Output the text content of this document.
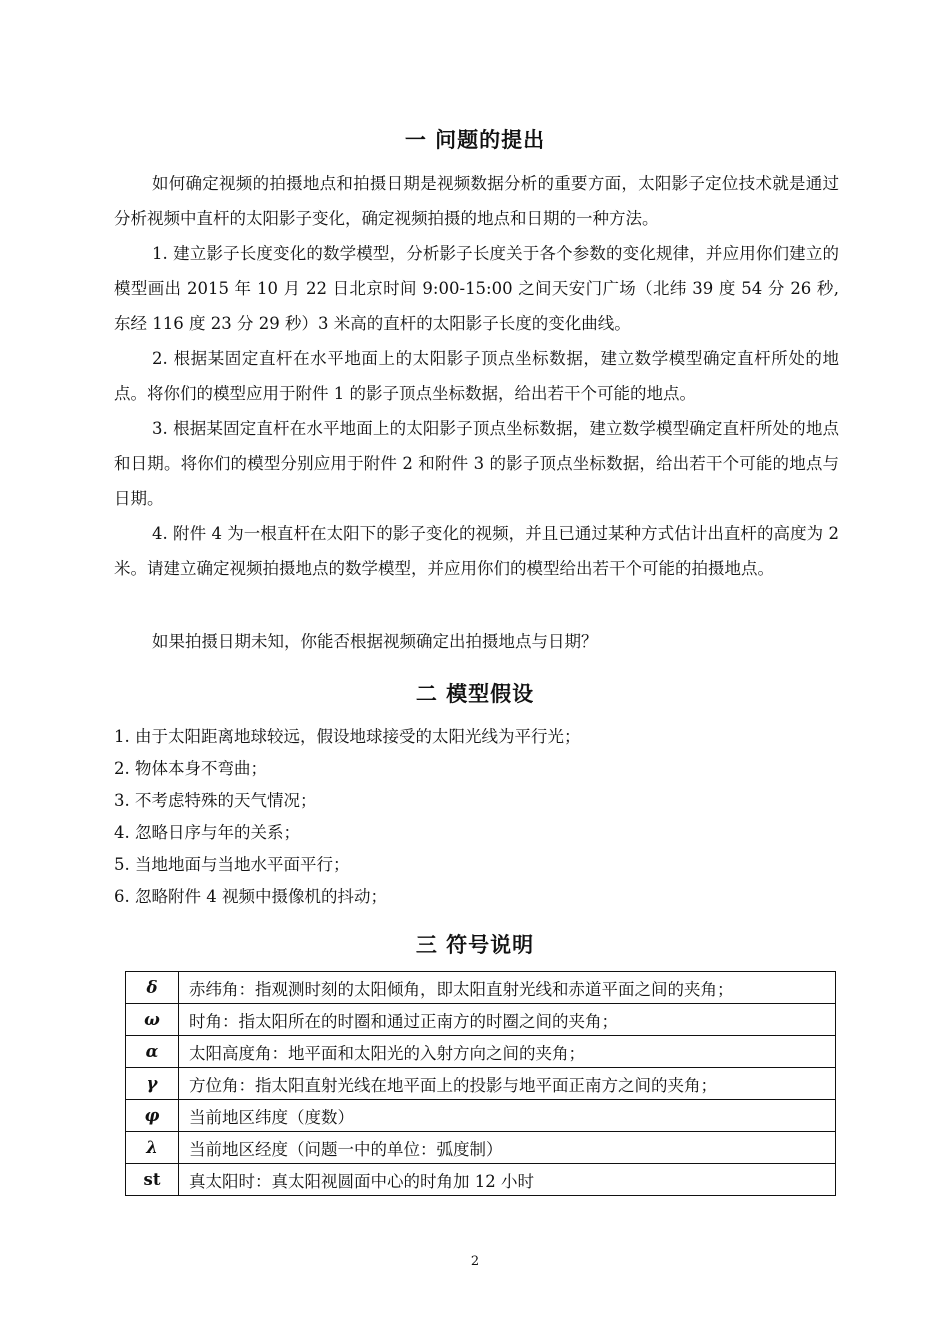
一 问题的提出
如何确定视频的拍摄地点和拍摄日期是视频数据分析的重要方面，太阳影子定位技术就是通过分析视频中直杆的太阳影子变化，确定视频拍摄的地点和日期的一种方法。
1. 建立影子长度变化的数学模型，分析影子长度关于各个参数的变化规律，并应用你们建立的模型画出 2015 年 10 月 22 日北京时间 9:00-15:00 之间天安门广场（北纬 39 度 54 分 26 秒, 东经 116 度 23 分 29 秒）3 米高的直杆的太阳影子长度的变化曲线。
2. 根据某固定直杆在水平地面上的太阳影子顶点坐标数据，建立数学模型确定直杆所处的地点。将你们的模型应用于附件 1 的影子顶点坐标数据，给出若干个可能的地点。
3. 根据某固定直杆在水平地面上的太阳影子顶点坐标数据，建立数学模型确定直杆所处的地点和日期。将你们的模型分别应用于附件 2 和附件 3 的影子顶点坐标数据，给出若干个可能的地点与日期。
4. 附件 4 为一根直杆在太阳下的影子变化的视频，并且已通过某种方式估计出直杆的高度为 2 米。请建立确定视频拍摄地点的数学模型，并应用你们的模型给出若干个可能的拍摄地点。
如果拍摄日期未知，你能否根据视频确定出拍摄地点与日期？
二 模型假设
1. 由于太阳距离地球较远，假设地球接受的太阳光线为平行光；
2. 物体本身不弯曲；
3. 不考虑特殊的天气情况；
4. 忽略日序与年的关系；
5. 当地地面与当地水平面平行；
6. 忽略附件 4 视频中摄像机的抖动；
三 符号说明
δ	赤纬角：指观测时刻的太阳倾角，即太阳直射光线和赤道平面之间的夹角；
ω	时角：指太阳所在的时圈和通过正南方的时圈之间的夹角；
α	太阳高度角：地平面和太阳光的入射方向之间的夹角；
γ	方位角：指太阳直射光线在地平面上的投影与地平面正南方之间的夹角；
φ	当前地区纬度（度数）
λ	当前地区经度（问题一中的单位：弧度制）
st	真太阳时：真太阳视圆面中心的时角加 12 小时
2
